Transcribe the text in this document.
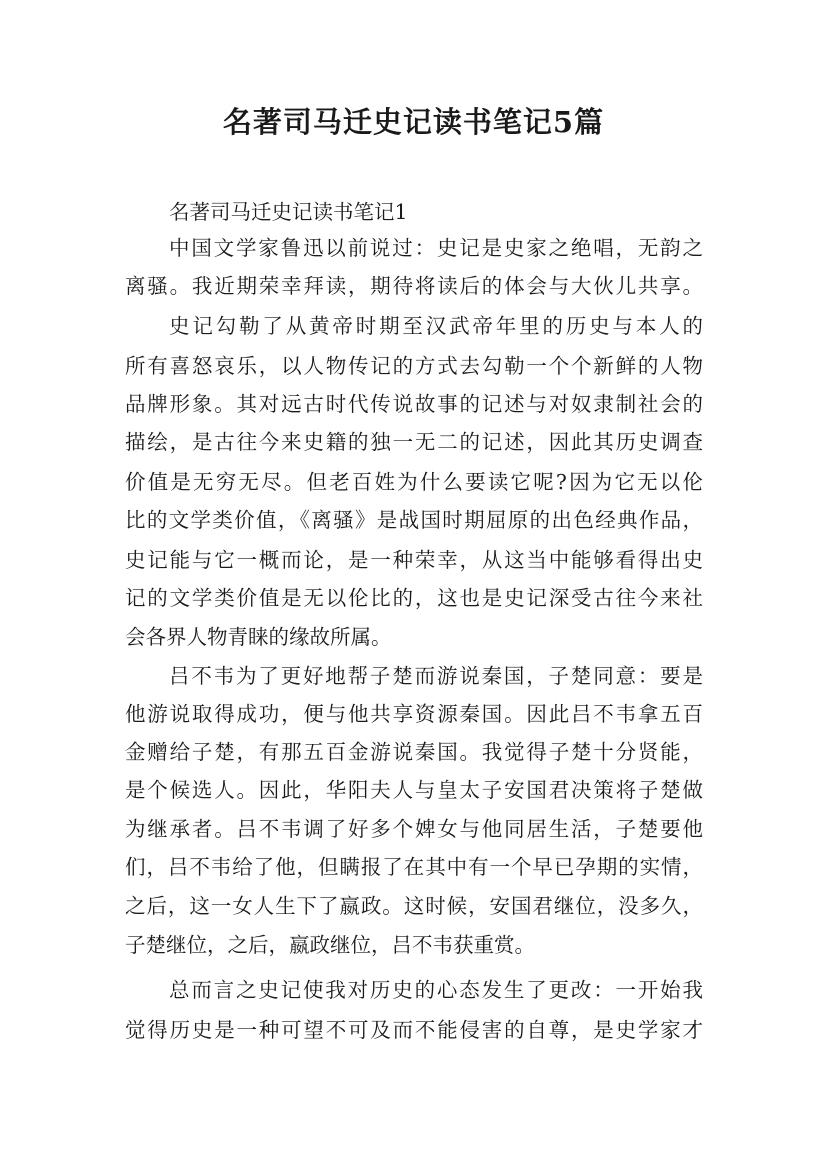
名著司马迁史记读书笔记5篇
名著司马迁史记读书笔记1
中国文学家鲁迅以前说过：史记是史家之绝唱，无韵之
离骚。我近期荣幸拜读，期待将读后的体会与大伙儿共享。
史记勾勒了从黄帝时期至汉武帝年里的历史与本人的
所有喜怒哀乐，以人物传记的方式去勾勒一个个新鲜的人物
品牌形象。其对远古时代传说故事的记述与对奴隶制社会的
描绘，是古往今来史籍的独一无二的记述，因此其历史调查
价值是无穷无尽。但老百姓为什么要读它呢?因为它无以伦
比的文学类价值，《离骚》是战国时期屈原的出色经典作品，
史记能与它一概而论，是一种荣幸，从这当中能够看得出史
记的文学类价值是无以伦比的，这也是史记深受古往今来社
会各界人物青睐的缘故所属。
吕不韦为了更好地帮子楚而游说秦国，子楚同意：要是
他游说取得成功，便与他共享资源秦国。因此吕不韦拿五百
金赠给子楚，有那五百金游说秦国。我觉得子楚十分贤能，
是个候选人。因此，华阳夫人与皇太子安国君决策将子楚做
为继承者。吕不韦调了好多个婢女与他同居生活，子楚要他
们，吕不韦给了他，但瞒报了在其中有一个早已孕期的实情，
之后，这一女人生下了嬴政。这时候，安国君继位，没多久，
子楚继位，之后，嬴政继位，吕不韦获重赏。
总而言之史记使我对历史的心态发生了更改：一开始我
觉得历史是一种可望不可及而不能侵害的自尊，是史学家才
